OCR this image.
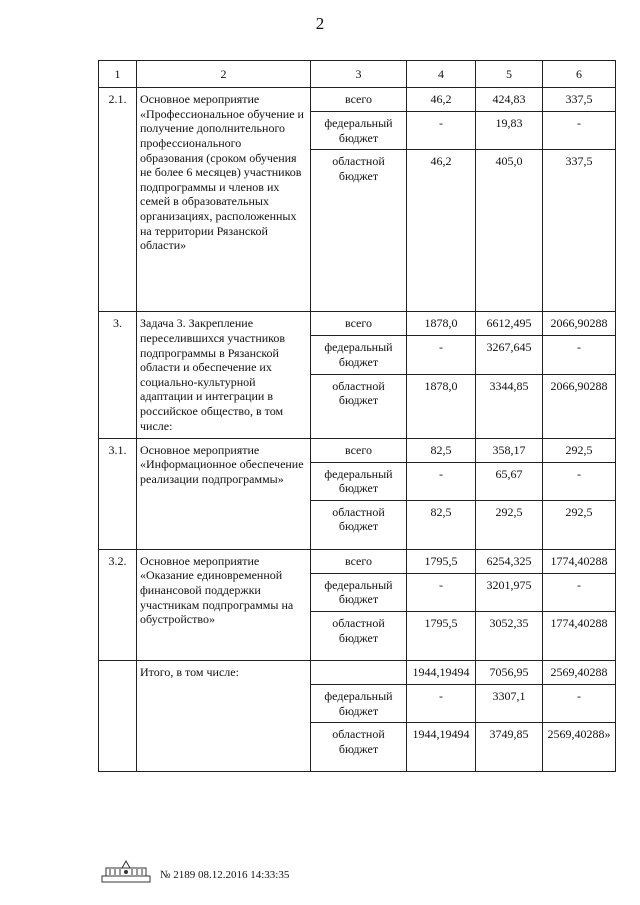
2
1	2	3	4	5	6
2.1.	Основное мероприятие «Профессиональное обучение и получение дополнительного профессионального образования (сроком обучения не более 6 месяцев) участников подпрограммы и членов их семей в образовательных организациях, расположенных на территории Рязанской области»	всего	46,2	424,83	337,5
		федеральный бюджет	-	19,83	-
		областной бюджет	46,2	405,0	337,5
3.	Задача 3. Закрепление переселившихся участников подпрограммы в Рязанской области и обеспечение их социально-культурной адаптации и интеграции в российское общество, в том числе:	всего	1878,0	6612,495	2066,90288
		федеральный бюджет	-	3267,645	-
		областной бюджет	1878,0	3344,85	2066,90288
3.1.	Основное мероприятие «Информационное обеспечение реализации подпрограммы»	всего	82,5	358,17	292,5
		федеральный бюджет	-	65,67	-
		областной бюджет	82,5	292,5	292,5
3.2.	Основное мероприятие «Оказание единовременной финансовой поддержки участникам подпрограммы на обустройство»	всего	1795,5	6254,325	1774,40288
		федеральный бюджет	-	3201,975	-
		областной бюджет	1795,5	3052,35	1774,40288
	Итого, в том числе:		1944,19494	7056,95	2569,40288
		федеральный бюджет	-	3307,1	-
		областной бюджет	1944,19494	3749,85	2569,40288»
№ 2189 08.12.2016 14:33:35
